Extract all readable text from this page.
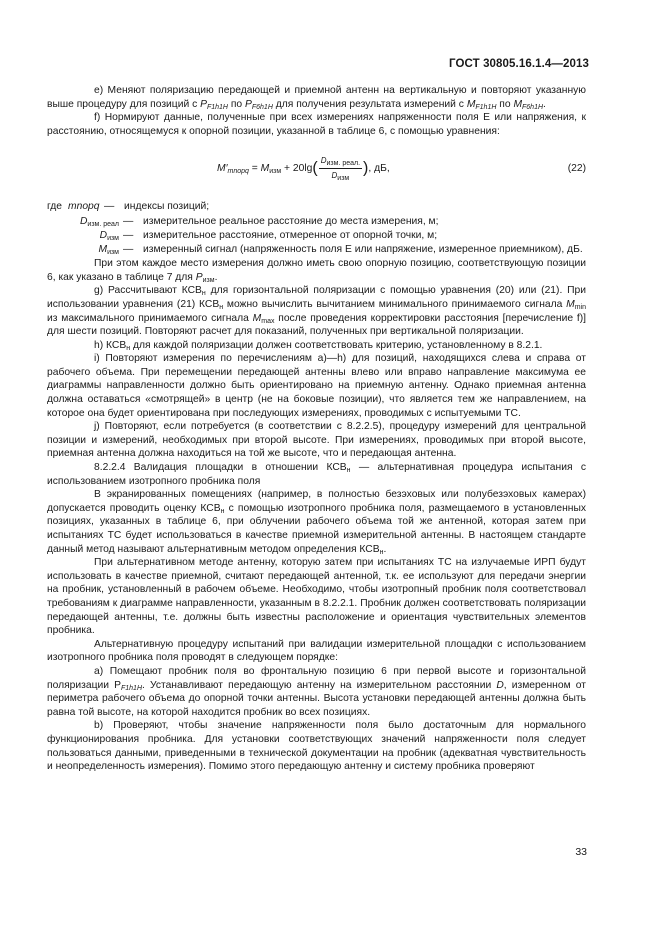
ГОСТ 30805.16.1.4—2013

е) Меняют поляризацию передающей и приемной антенн на вертикальную и повторяют указанную выше процедуру для позиций с $P_{F1h1H}$ по $P_{F6h1H}$ для получения результата измерений с $M_{F1h1H}$ по $M_{F6h1H}$.

f) Нормируют данные, полученные при всех измерениях напряженности поля E или напряжения, к расстоянию, относящемуся к опорной позиции, указанной в таблице 6, с помощью уравнения:

$M'_{mnopq} = M_{изм} + 20\lg( \frac{D_{изм. реал.}}{D_{изм}}$ ), дБ,	(22)
где mnopq — индексы позиций;
$D_{изм. реал}$ — измерительное реальное расстояние до места измерения, м;
$D_{изм}$ — измерительное расстояние, отмеренное от опорной точки, м;
$M_{изм}$ — измеренный сигнал (напряженность поля E или напряжение, измеренное приемником), дБ.

При этом каждое место измерения должно иметь свою опорную позицию, соответствующую позиции 6, как указано в таблице 7 для $P_{изм}$.

g) Рассчитывают $КСВ_н$ для горизонтальной поляризации с помощью уравнения (20) или (21). При использовании уравнения (21) $КСВ_н$ можно вычислить вычитанием минимального принимаемого сигнала $M_{min}$ из максимального принимаемого сигнала $M_{max}$ после проведения корректировки расстояния [перечисление f)] для шести позиций. Повторяют расчет для показаний, полученных при вертикальной поляризации.

h) $КСВ_н$ для каждой поляризации должен соответствовать критерию, установленному в 8.2.1.

i) Повторяют измерения по перечислениям а)—h) для позиций, находящихся слева и справа от рабочего объема. При перемещении передающей антенны влево или вправо направление максимума ее диаграммы направленности должно быть ориентировано на приемную антенну. Однако приемная антенна должна оставаться «смотрящей» в центр (не на боковые позиции), что является тем же направлением, на которое она будет ориентирована при последующих измерениях, проводимых с испытуемыми ТС.

j) Повторяют, если потребуется (в соответствии с 8.2.2.5), процедуру измерений для центральной позиции и измерений, необходимых при второй высоте. При измерениях, проводимых при второй высоте, приемная антенна должна находиться на той же высоте, что и передающая антенна.

8.2.2.4 Валидация площадки в отношении $КСВ_н$ — альтернативная процедура испытания с использованием изотропного пробника поля

В экранированных помещениях (например, в полностью безэховых или полубезэховых камерах) допускается проводить оценку $КСВ_н$ с помощью изотропного пробника поля, размещаемого в установленных позициях, указанных в таблице 6, при облучении рабочего объема той же антенной, которая затем при испытаниях ТС будет использоваться в качестве приемной измерительной антенны. В настоящем стандарте данный метод называют альтернативным методом определения $КСВ_н$.

При альтернативном методе антенну, которую затем при испытаниях ТС на излучаемые ИРП будут использовать в качестве приемной, считают передающей антенной, т.к. ее используют для передачи энергии на пробник, установленный в рабочем объеме. Необходимо, чтобы изотропный пробник поля соответствовал требованиям к диаграмме направленности, указанным в 8.2.2.1. Пробник должен соответствовать поляризации передающей антенны, т.е. должны быть известны расположение и ориентация чувствительных элементов пробника.

Альтернативную процедуру испытаний при валидации измерительной площадки с использованием изотропного пробника поля проводят в следующем порядке:

а) Помещают пробник поля во фронтальную позицию 6 при первой высоте и горизонтальной поляризации $P_{F1h1H}$. Устанавливают передающую антенну на измерительном расстоянии D, измеренном от периметра рабочего объема до опорной точки антенны. Высота установки передающей антенны должна быть равна той высоте, на которой находится пробник во всех позициях.

b) Проверяют, чтобы значение напряженности поля было достаточным для нормального функционирования пробника. Для установки соответствующих значений напряженности поля следует пользоваться данными, приведенными в технической документации на пробник (адекватная чувствительность и неопределенность измерения). Помимо этого передающую антенну и систему пробника проверяют

33
